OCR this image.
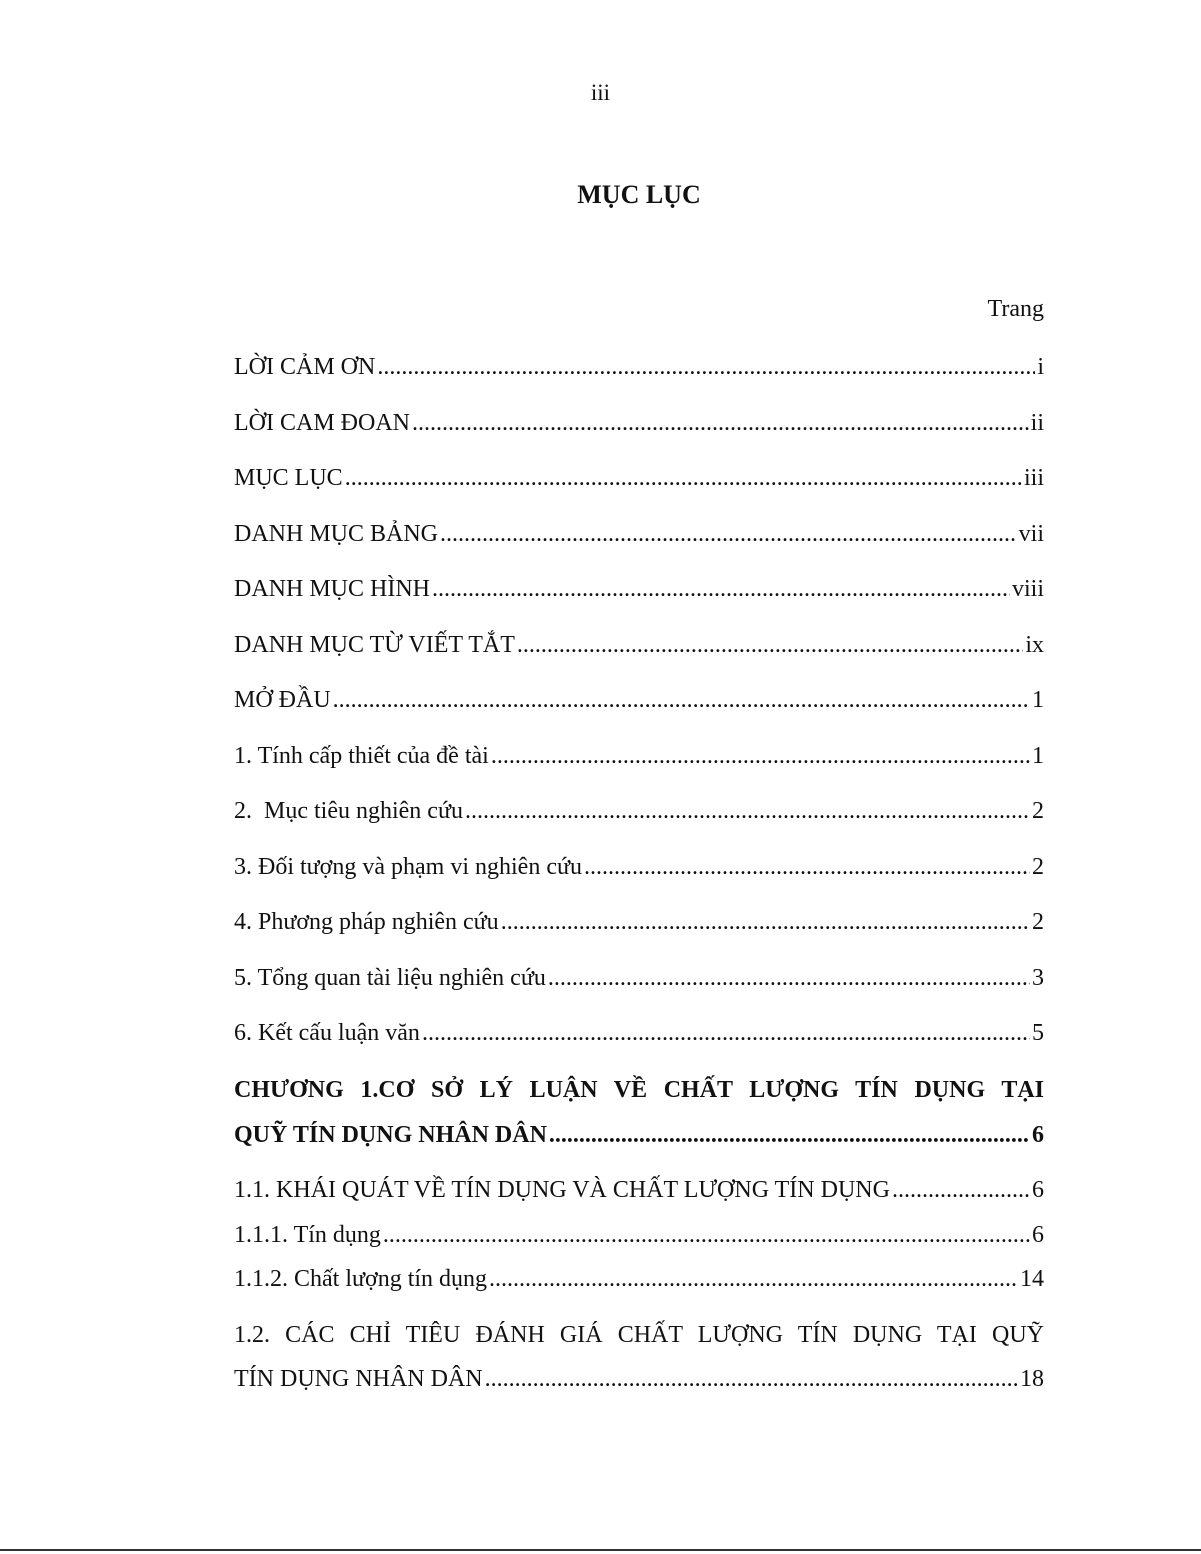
iii
MỤC LỤC
Trang
LỜI CẢM ƠN .....	i
LỜI CAM ĐOAN .....	ii
MỤC LỤC .....	iii
DANH MỤC BẢNG .....	vii
DANH MỤC HÌNH .....	viii
DANH MỤC TỪ VIẾT TẮT .....	ix
MỞ ĐẦU .....	1
1. Tính cấp thiết của đề tài .....	1
2.  Mục tiêu nghiên cứu .....	2
3. Đối tượng và phạm vi nghiên cứu .....	2
4. Phương pháp nghiên cứu .....	2
5. Tổng quan tài liệu nghiên cứu .....	3
6. Kết cấu luận văn .....	5
CHƯƠNG 1.CƠ SỞ LÝ LUẬN VỀ CHẤT LƯỢNG TÍN DỤNG TẠI
QUỸ TÍN DỤNG NHÂN DÂN .....	6
1.1. KHÁI QUÁT VỀ TÍN DỤNG VÀ CHẤT LƯỢNG TÍN DỤNG .....	6
1.1.1. Tín dụng .....	6
1.1.2. Chất lượng tín dụng .....	14
1.2. CÁC CHỈ TIÊU ĐÁNH GIÁ CHẤT LƯỢNG TÍN DỤNG TẠI QUỸ
TÍN DỤNG NHÂN DÂN .....	18
